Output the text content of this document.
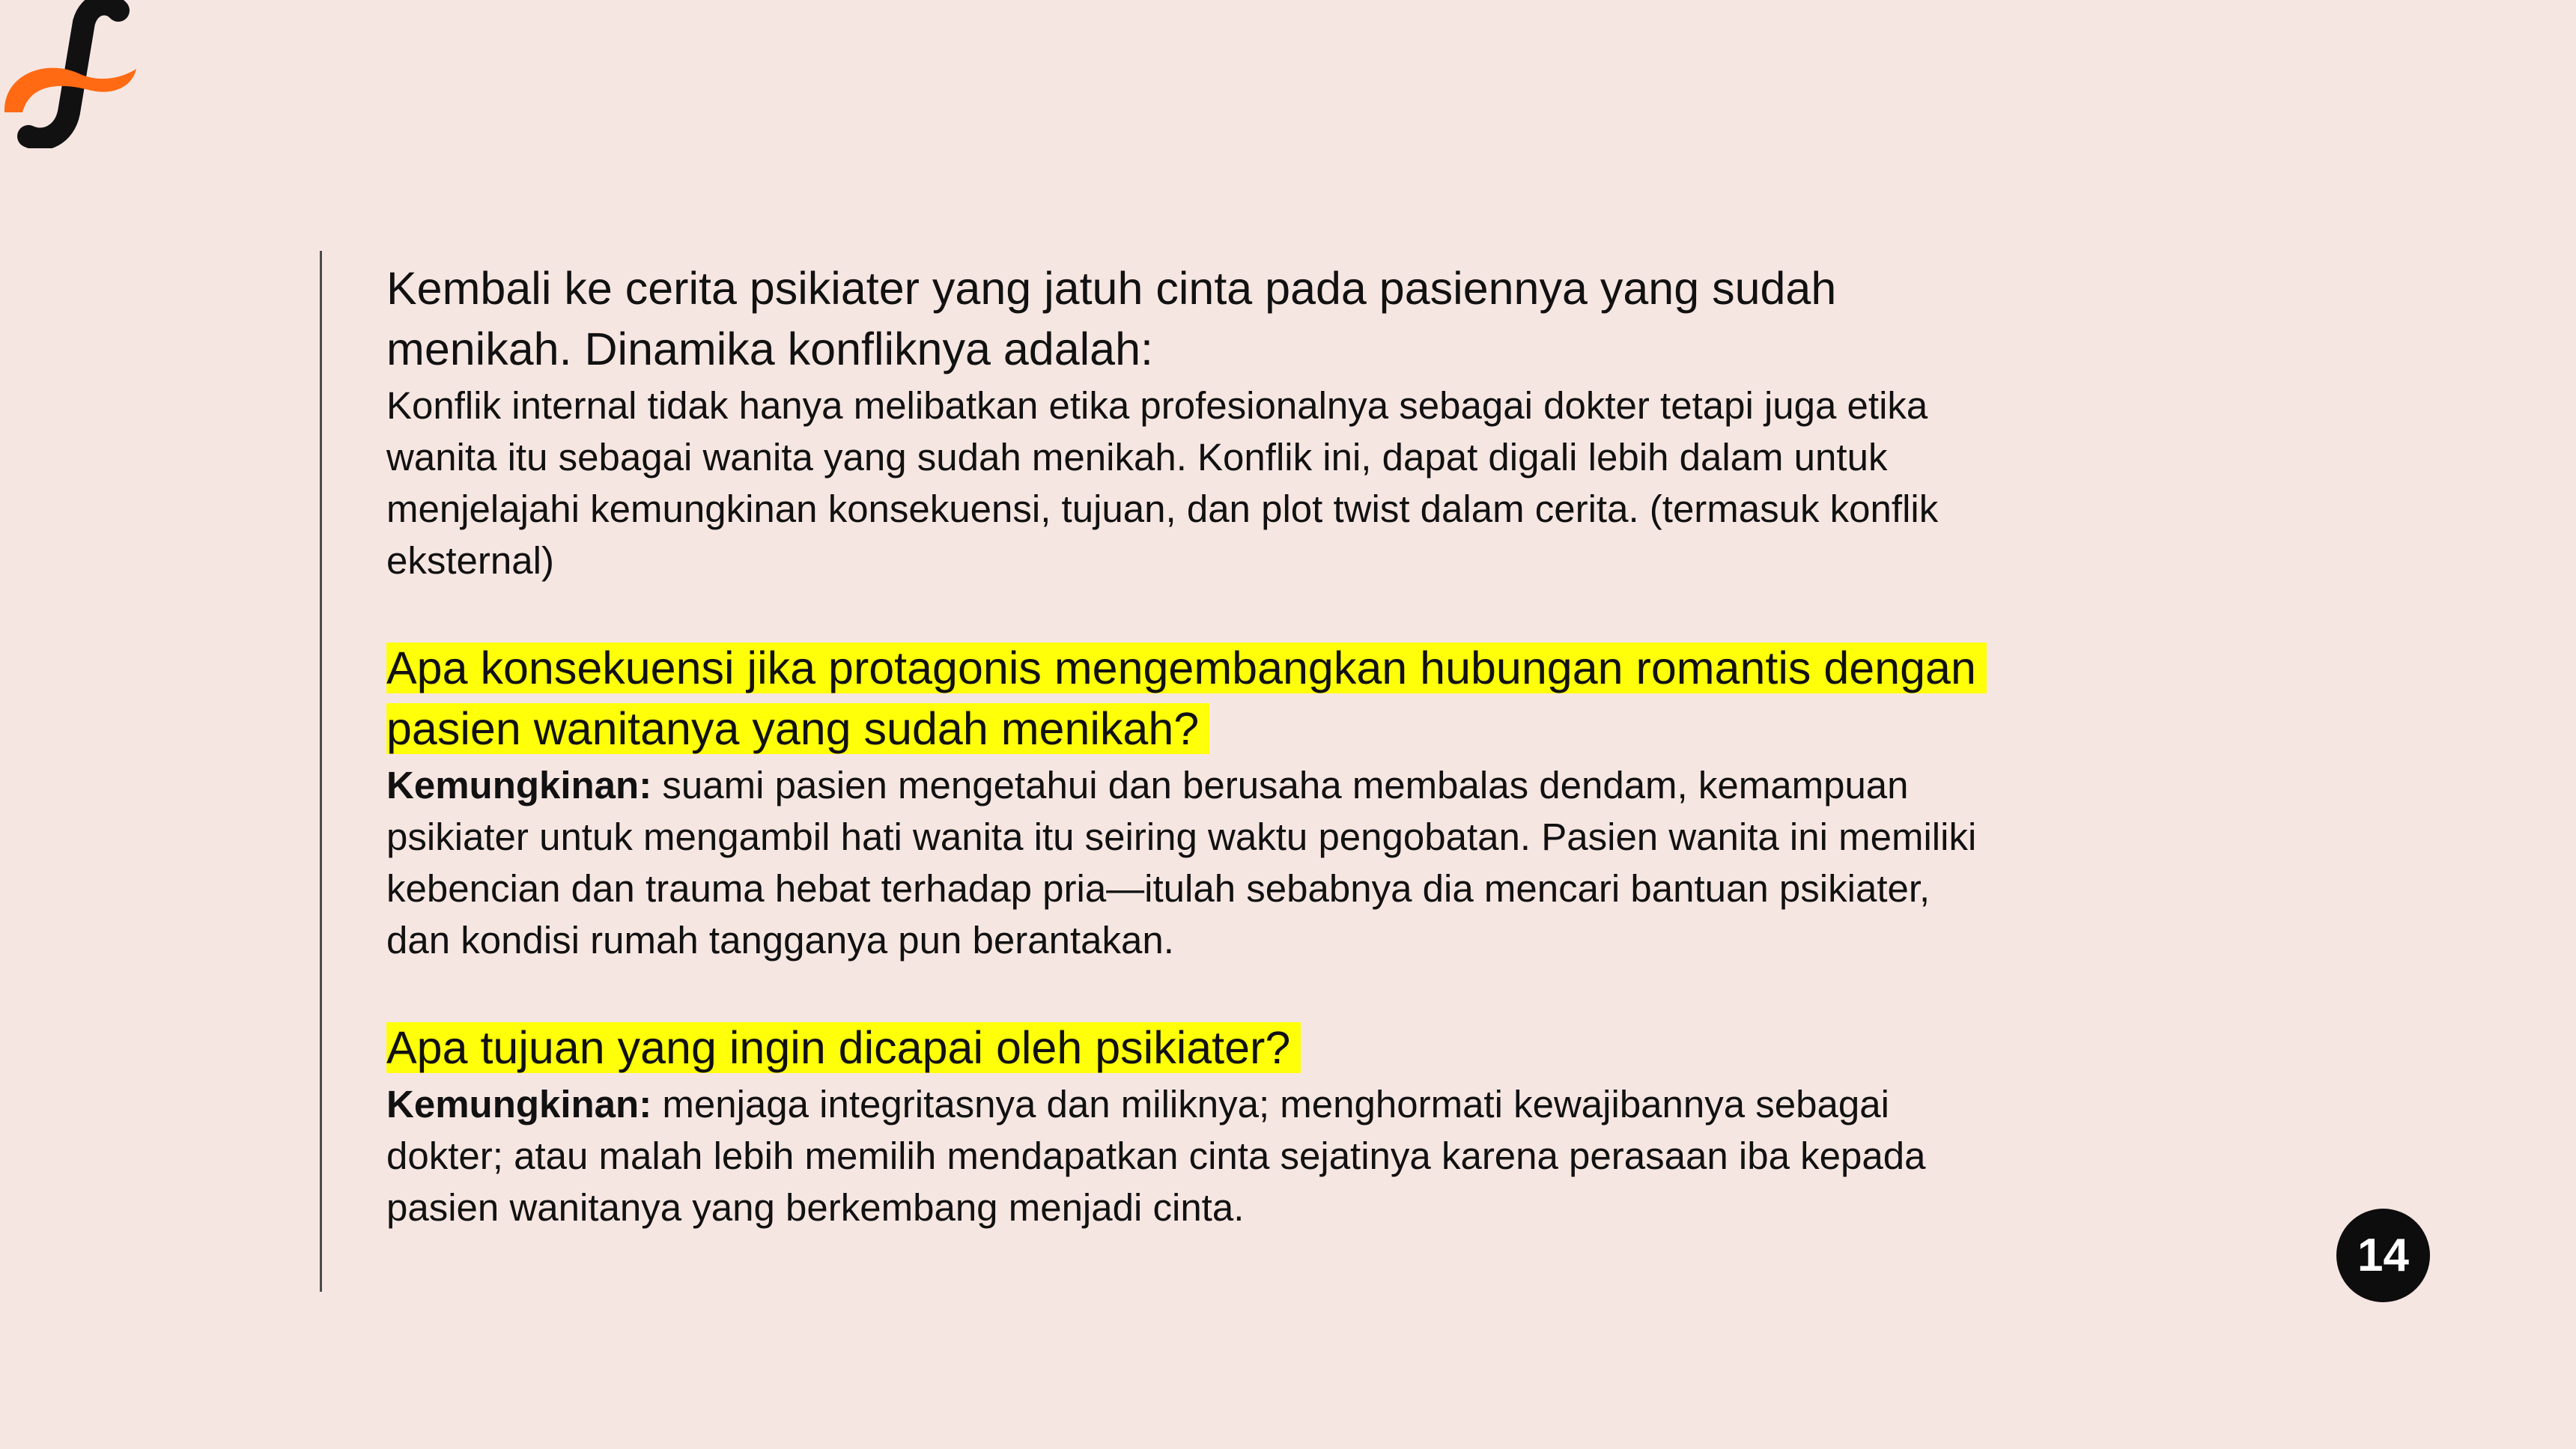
Kembali ke cerita psikiater yang jatuh cinta pada pasiennya yang sudah menikah. Dinamika konfliknya adalah:

Konflik internal tidak hanya melibatkan etika profesionalnya sebagai dokter tetapi juga etika wanita itu sebagai wanita yang sudah menikah. Konflik ini, dapat digali lebih dalam untuk menjelajahi kemungkinan konsekuensi, tujuan, dan plot twist dalam cerita. (termasuk konflik eksternal)

Apa konsekuensi jika protagonis mengembangkan hubungan romantis dengan pasien wanitanya yang sudah menikah?

Kemungkinan: suami pasien mengetahui dan berusaha membalas dendam, kemampuan psikiater untuk mengambil hati wanita itu seiring waktu pengobatan. Pasien wanita ini memiliki kebencian dan trauma hebat terhadap pria—itulah sebabnya dia mencari bantuan psikiater, dan kondisi rumah tangganya pun berantakan.

Apa tujuan yang ingin dicapai oleh psikiater?

Kemungkinan: menjaga integritasnya dan miliknya; menghormati kewajibannya sebagai dokter; atau malah lebih memilih mendapatkan cinta sejatinya karena perasaan iba kepada pasien wanitanya yang berkembang menjadi cinta.

14
